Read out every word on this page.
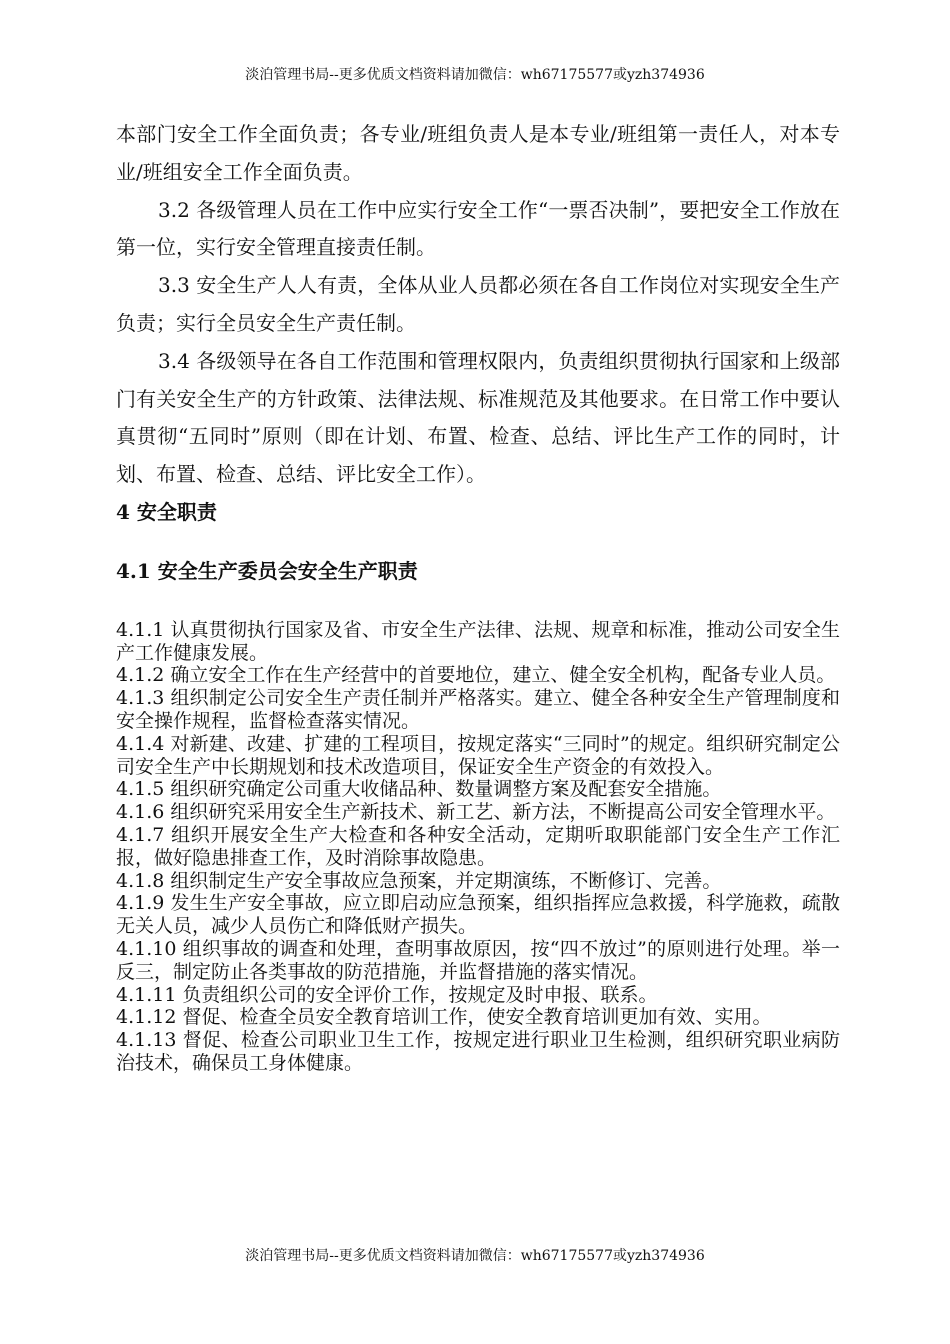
淡泊管理书局--更多优质文档资料请加微信：wh67175577或yzh374936

本部门安全工作全面负责；各专业/班组负责人是本专业/班组第一责任人，对本专业/班组安全工作全面负责。

3.2 各级管理人员在工作中应实行安全工作“一票否决制”，要把安全工作放在第一位，实行安全管理直接责任制。

3.3 安全生产人人有责，全体从业人员都必须在各自工作岗位对实现安全生产负责；实行全员安全生产责任制。

3.4 各级领导在各自工作范围和管理权限内，负责组织贯彻执行国家和上级部门有关安全生产的方针政策、法律法规、标准规范及其他要求。在日常工作中要认真贯彻“五同时”原则（即在计划、布置、检查、总结、评比生产工作的同时，计划、布置、检查、总结、评比安全工作）。

4 安全职责

4.1 安全生产委员会安全生产职责

4.1.1 认真贯彻执行国家及省、市安全生产法律、法规、规章和标准，推动公司安全生产工作健康发展。

4.1.2 确立安全工作在生产经营中的首要地位，建立、健全安全机构，配备专业人员。

4.1.3 组织制定公司安全生产责任制并严格落实。建立、健全各种安全生产管理制度和安全操作规程，监督检查落实情况。

4.1.4 对新建、改建、扩建的工程项目，按规定落实“三同时”的规定。组织研究制定公司安全生产中长期规划和技术改造项目，保证安全生产资金的有效投入。

4.1.5 组织研究确定公司重大收储品种、数量调整方案及配套安全措施。

4.1.6 组织研究采用安全生产新技术、新工艺、新方法，不断提高公司安全管理水平。

4.1.7 组织开展安全生产大检查和各种安全活动，定期听取职能部门安全生产工作汇报，做好隐患排查工作，及时消除事故隐患。

4.1.8 组织制定生产安全事故应急预案，并定期演练，不断修订、完善。

4.1.9 发生生产安全事故，应立即启动应急预案，组织指挥应急救援，科学施救，疏散无关人员，减少人员伤亡和降低财产损失。

4.1.10 组织事故的调查和处理，查明事故原因，按“四不放过”的原则进行处理。举一反三，制定防止各类事故的防范措施，并监督措施的落实情况。

4.1.11 负责组织公司的安全评价工作，按规定及时申报、联系。

4.1.12 督促、检查全员安全教育培训工作，使安全教育培训更加有效、实用。

4.1.13 督促、检查公司职业卫生工作，按规定进行职业卫生检测，组织研究职业病防治技术，确保员工身体健康。

淡泊管理书局--更多优质文档资料请加微信：wh67175577或yzh374936
